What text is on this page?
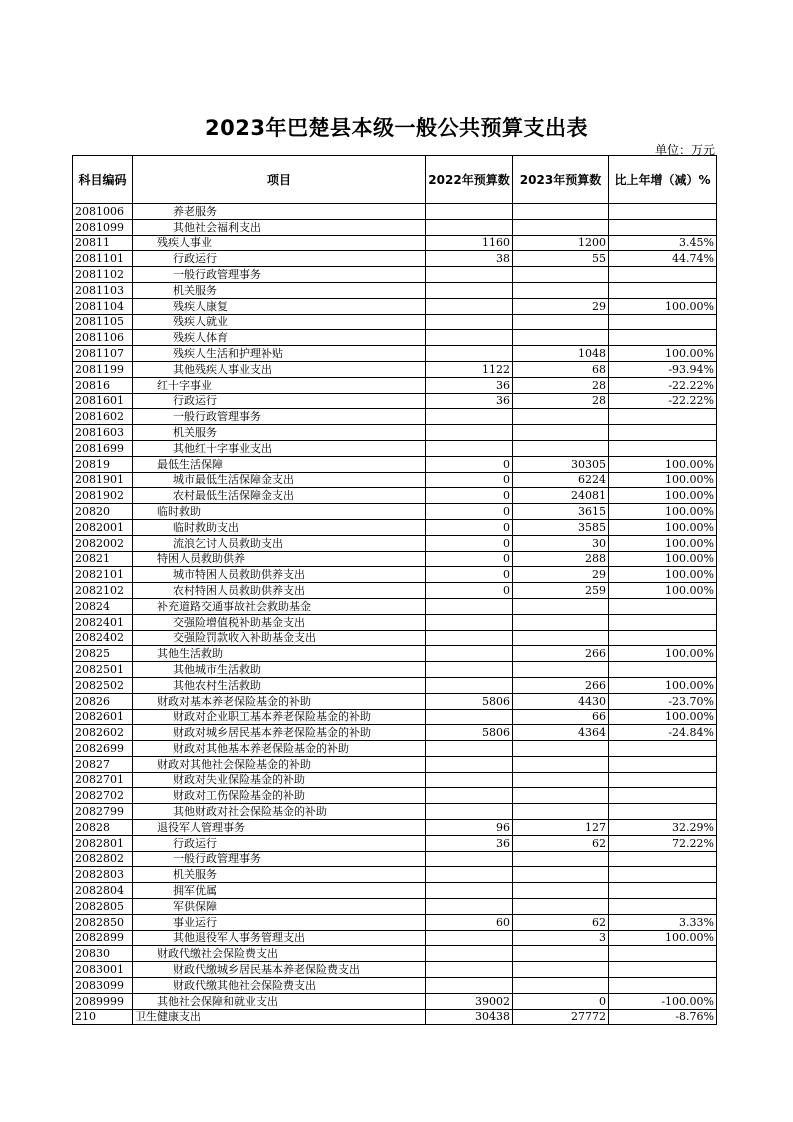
2023年巴楚县本级一般公共预算支出表
单位：万元
科目编码	项目	2022年预算数	2023年预算数	比上年增（减）%
2081006	养老服务			
2081099	其他社会福利支出			
20811	残疾人事业	1160	1200	3.45%
2081101	行政运行	38	55	44.74%
2081102	一般行政管理事务			
2081103	机关服务			
2081104	残疾人康复		29	100.00%
2081105	残疾人就业			
2081106	残疾人体育			
2081107	残疾人生活和护理补贴		1048	100.00%
2081199	其他残疾人事业支出	1122	68	-93.94%
20816	红十字事业	36	28	-22.22%
2081601	行政运行	36	28	-22.22%
2081602	一般行政管理事务			
2081603	机关服务			
2081699	其他红十字事业支出			
20819	最低生活保障	0	30305	100.00%
2081901	城市最低生活保障金支出	0	6224	100.00%
2081902	农村最低生活保障金支出	0	24081	100.00%
20820	临时救助	0	3615	100.00%
2082001	临时救助支出	0	3585	100.00%
2082002	流浪乞讨人员救助支出	0	30	100.00%
20821	特困人员救助供养	0	288	100.00%
2082101	城市特困人员救助供养支出	0	29	100.00%
2082102	农村特困人员救助供养支出	0	259	100.00%
20824	补充道路交通事故社会救助基金			
2082401	交强险增值税补助基金支出			
2082402	交强险罚款收入补助基金支出			
20825	其他生活救助		266	100.00%
2082501	其他城市生活救助			
2082502	其他农村生活救助		266	100.00%
20826	财政对基本养老保险基金的补助	5806	4430	-23.70%
2082601	财政对企业职工基本养老保险基金的补助		66	100.00%
2082602	财政对城乡居民基本养老保险基金的补助	5806	4364	-24.84%
2082699	财政对其他基本养老保险基金的补助			
20827	财政对其他社会保险基金的补助			
2082701	财政对失业保险基金的补助			
2082702	财政对工伤保险基金的补助			
2082799	其他财政对社会保险基金的补助			
20828	退役军人管理事务	96	127	32.29%
2082801	行政运行	36	62	72.22%
2082802	一般行政管理事务			
2082803	机关服务			
2082804	拥军优属			
2082805	军供保障			
2082850	事业运行	60	62	3.33%
2082899	其他退役军人事务管理支出		3	100.00%
20830	财政代缴社会保险费支出			
2083001	财政代缴城乡居民基本养老保险费支出			
2083099	财政代缴其他社会保险费支出			
2089999	其他社会保障和就业支出	39002	0	-100.00%
210	卫生健康支出	30438	27772	-8.76%
